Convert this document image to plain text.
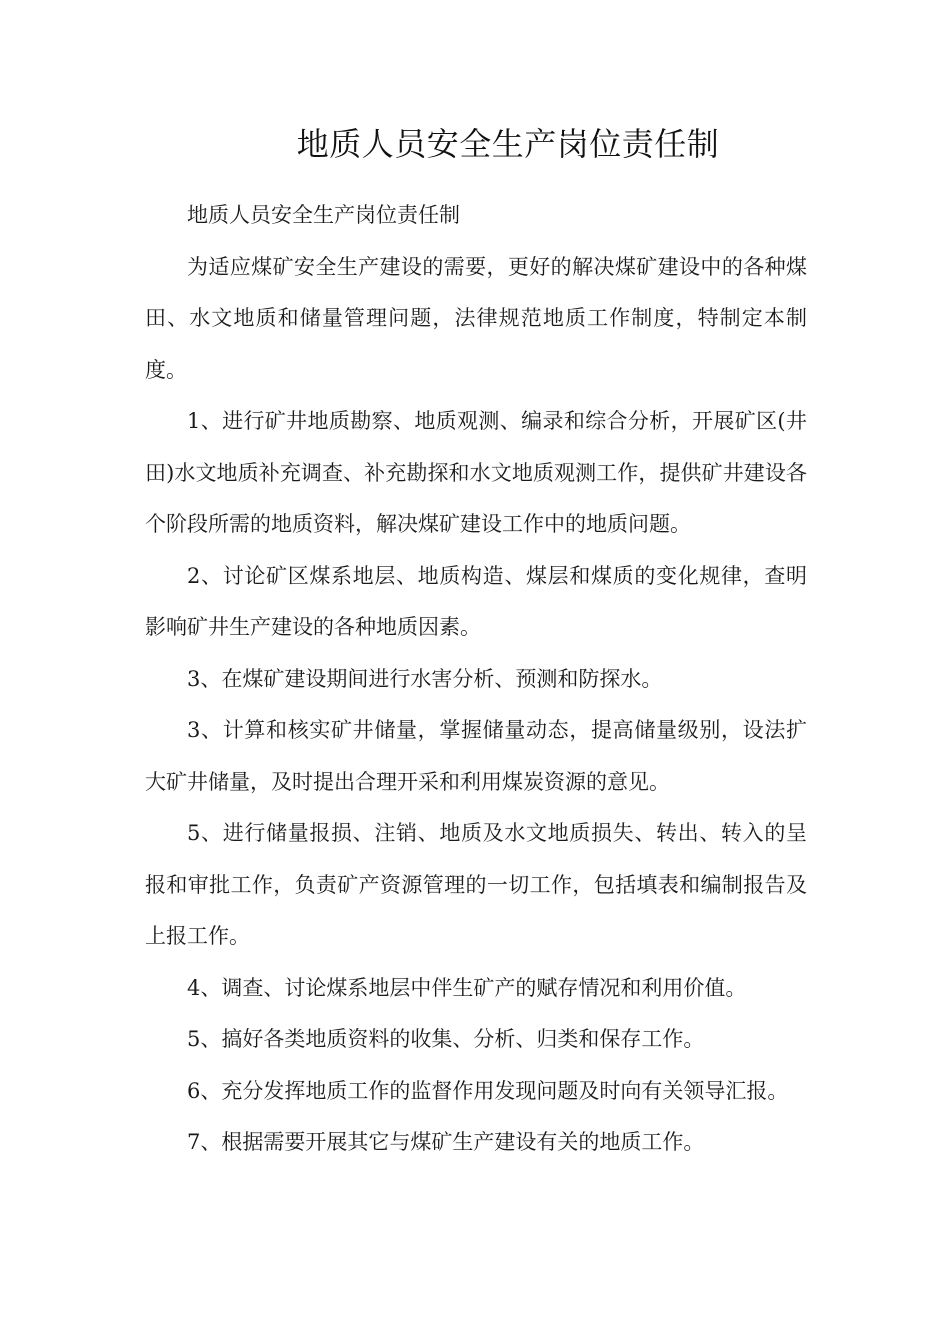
地质人员安全生产岗位责任制

地质人员安全生产岗位责任制

为适应煤矿安全生产建设的需要，更好的解决煤矿建设中的各种煤田、水文地质和储量管理问题，法律规范地质工作制度，特制定本制度。

1、进行矿井地质勘察、地质观测、编录和综合分析，开展矿区(井田)水文地质补充调查、补充勘探和水文地质观测工作，提供矿井建设各个阶段所需的地质资料，解决煤矿建设工作中的地质问题。

2、讨论矿区煤系地层、地质构造、煤层和煤质的变化规律，查明影响矿井生产建设的各种地质因素。

3、在煤矿建设期间进行水害分析、预测和防探水。

3、计算和核实矿井储量，掌握储量动态，提高储量级别，设法扩大矿井储量，及时提出合理开采和利用煤炭资源的意见。

5、进行储量报损、注销、地质及水文地质损失、转出、转入的呈报和审批工作，负责矿产资源管理的一切工作，包括填表和编制报告及上报工作。

4、调查、讨论煤系地层中伴生矿产的赋存情况和利用价值。

5、搞好各类地质资料的收集、分析、归类和保存工作。

6、充分发挥地质工作的监督作用发现问题及时向有关领导汇报。

7、根据需要开展其它与煤矿生产建设有关的地质工作。
